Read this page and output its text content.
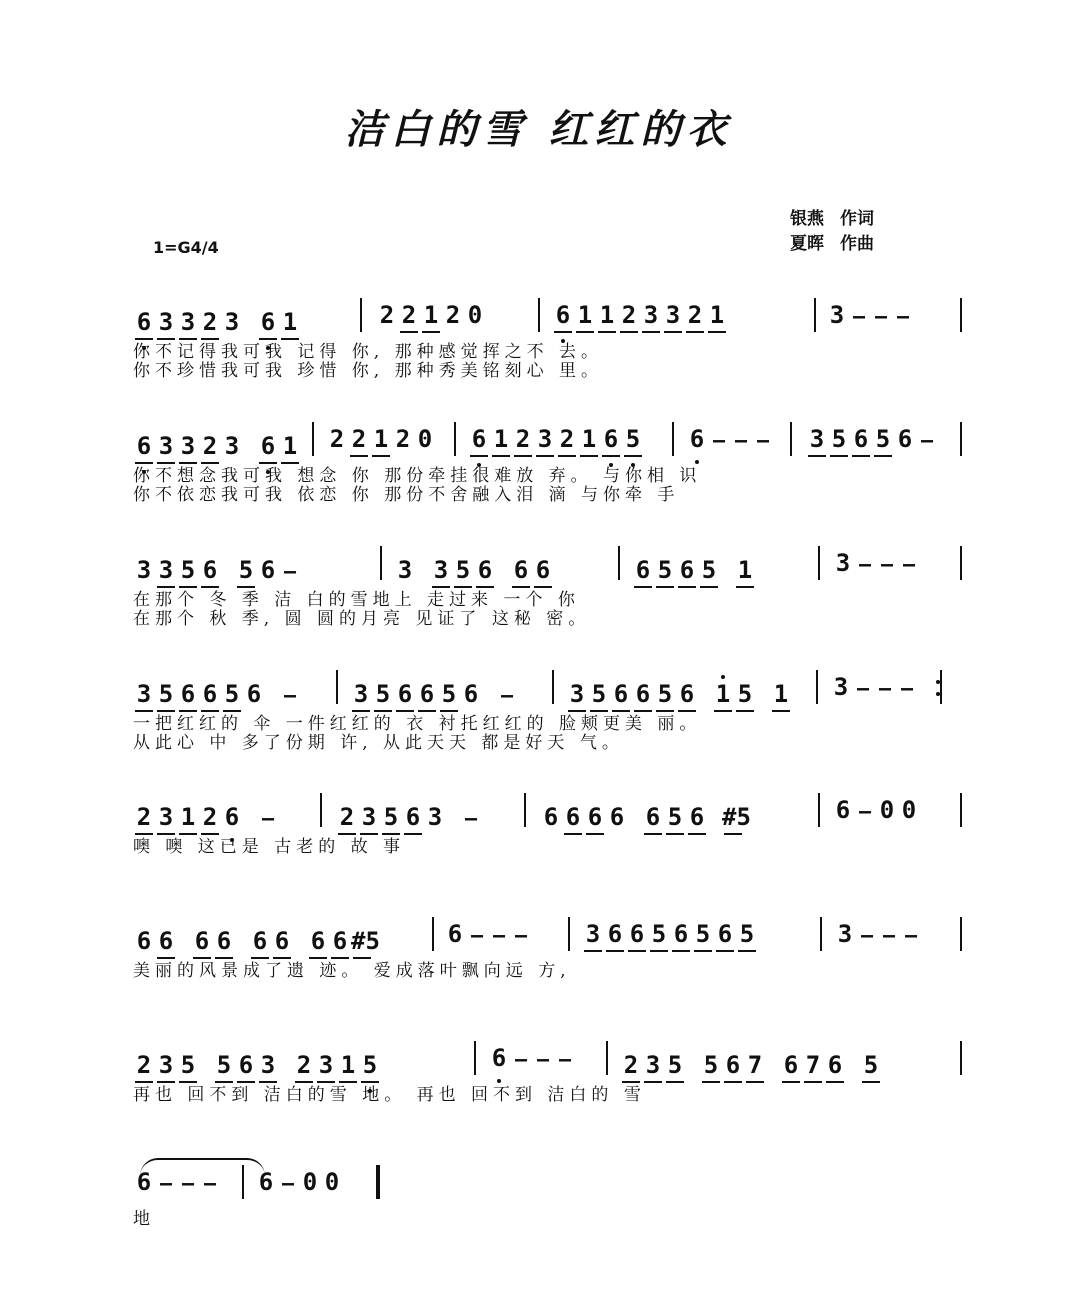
洁白的雪 红红的衣
银燕 作词
夏晖 作曲
1=G4/4
6 3 3 2 3 6 1	2 2 1 2 0	6 1 1 2 3 3 2 1	3 – – –
你不记得我可我 记得 你, 那种感觉挥之不 去。
你不珍惜我可我 珍惜 你, 那种秀美铭刻心 里。
6 3 3 2 3 6 1 2 2 1 2 0 6 1 2 3 2 1 6 5 6 – – – 3 5 6 5 6 –
你不想念我可我 想念 你 那份牵挂很难放 弃。 与你相 识
你不依恋我可我 依恋 你 那份不舍融入泪 滴 与你牵 手
3 3 5 6 5 6 –	3 3 5 6 6 6	6 5 6 5 1	3 – – –
在那个 冬 季 洁 白的雪地上 走过来 一个 你
在那个 秋 季, 圆 圆的月亮 见证了 这秘 密。
3 5 6 6 5 6 – 3 5 6 6 5 6 – 3 5 6 6 5 6 1 5 1 3 – – –
一把红红的 伞 一件红红的 衣 衬托红红的 脸颊更美 丽。
从此心 中 多了份期 许, 从此天天 都是好天 气。
2 3 1 2 6 –	2 3 5 6 3 –	6 6 6 6 6 5 6 #5	6 – 0 0
噢 噢 这已是 古老的 故 事
6 6 6 6 6 6 6 6 #5	6 – – – 3 6 6 5 6 5 6 5	3 – – –
美丽的风景成了遗 迹。 爱成落叶飘向远 方,
2 3 5 5 6 3 2 3 1 5	6 – – – 2 3 5 5 6 7 6 7 6 5
再也 回不到 洁白的雪 地。 再也 回不到 洁白的 雪
6 – – – 6 – 0 0
地
